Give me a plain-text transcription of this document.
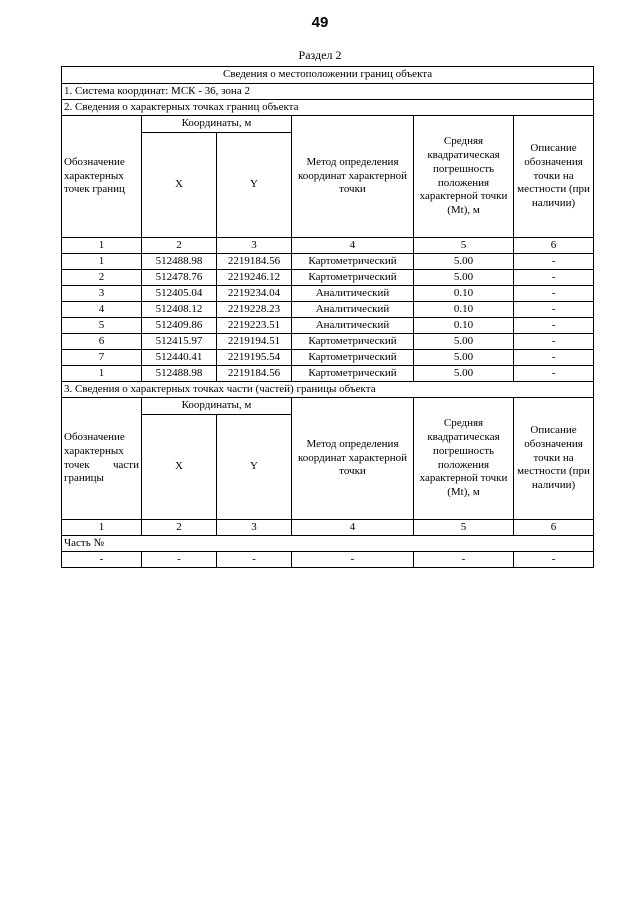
49
Раздел 2
Сведения о местоположении границ объекта					
1. Система координат: МСК - 36, зона 2					
2. Сведения о характерных точках границ объекта					
Обозначение характерных точек границ	Координаты, м		Метод определения координат характерной точки	Средняя квадратическая погрешность положения характерной точки (Mt), м	Описание обозначения точки на местности (при наличии)
	X	Y			
1	2	3	4	5	6
1	512488.98	2219184.56	Картометрический	5.00	-
2	512478.76	2219246.12	Картометрический	5.00	-
3	512405.04	2219234.04	Аналитический	0.10	-
4	512408.12	2219228.23	Аналитический	0.10	-
5	512409.86	2219223.51	Аналитический	0.10	-
6	512415.97	2219194.51	Картометрический	5.00	-
7	512440.41	2219195.54	Картометрический	5.00	-
1	512488.98	2219184.56	Картометрический	5.00	-
3. Сведения о характерных точках части (частей) границы объекта					
Обозначение характерных точек части границы	Координаты, м		Метод определения координат характерной точки	Средняя квадратическая погрешность положения характерной точки (Mt), м	Описание обозначения точки на местности (при наличии)
	X	Y			
1	2	3	4	5	6
Часть №					
-	-	-	-	-	-
